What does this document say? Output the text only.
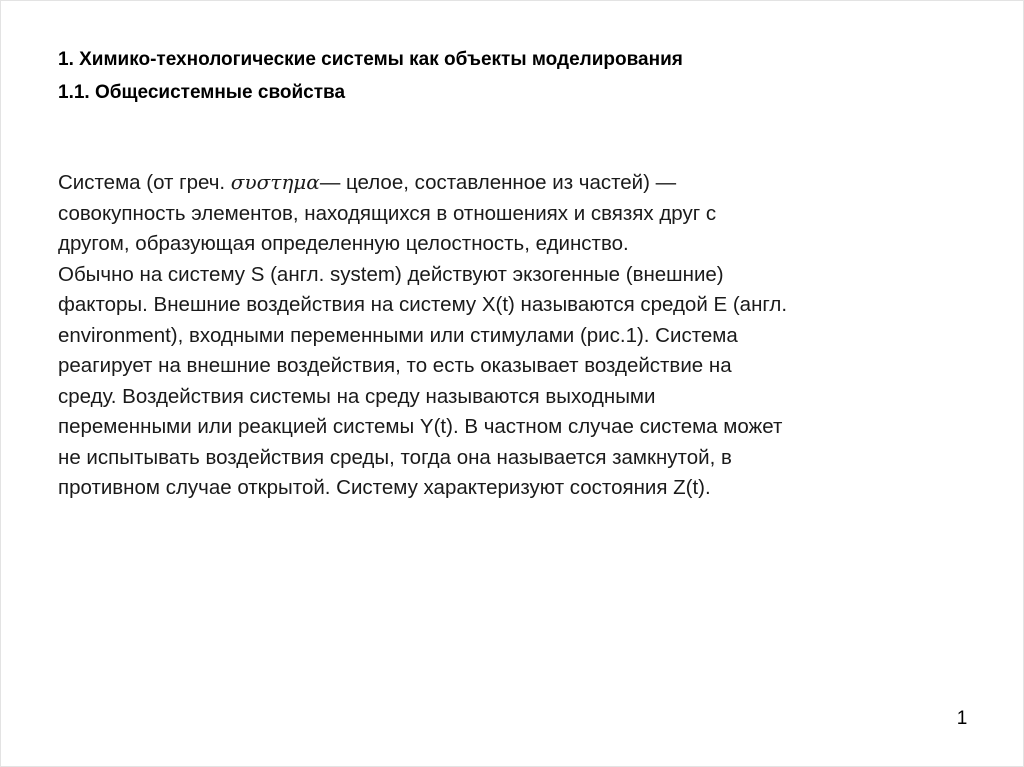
1. Химико-технологические системы как объекты моделирования
1.1. Общесистемные свойства
Система (от греч. συστημα— целое, составленное из частей) —
совокупность элементов, находящихся в отношениях и связях друг с
другом, образующая определенную целостность, единство.
Обычно на систему S (англ. system) действуют экзогенные (внешние)
факторы. Внешние воздействия на систему X(t) называются средой E (англ.
environment), входными переменными или стимулами (рис.1). Система
реагирует на внешние воздействия, то есть оказывает воздействие на
среду. Воздействия системы на среду называются выходными
переменными или реакцией системы Y(t). В частном случае система может
не испытывать воздействия среды, тогда она называется замкнутой, в
противном случае открытой. Систему характеризуют состояния Z(t).
1
